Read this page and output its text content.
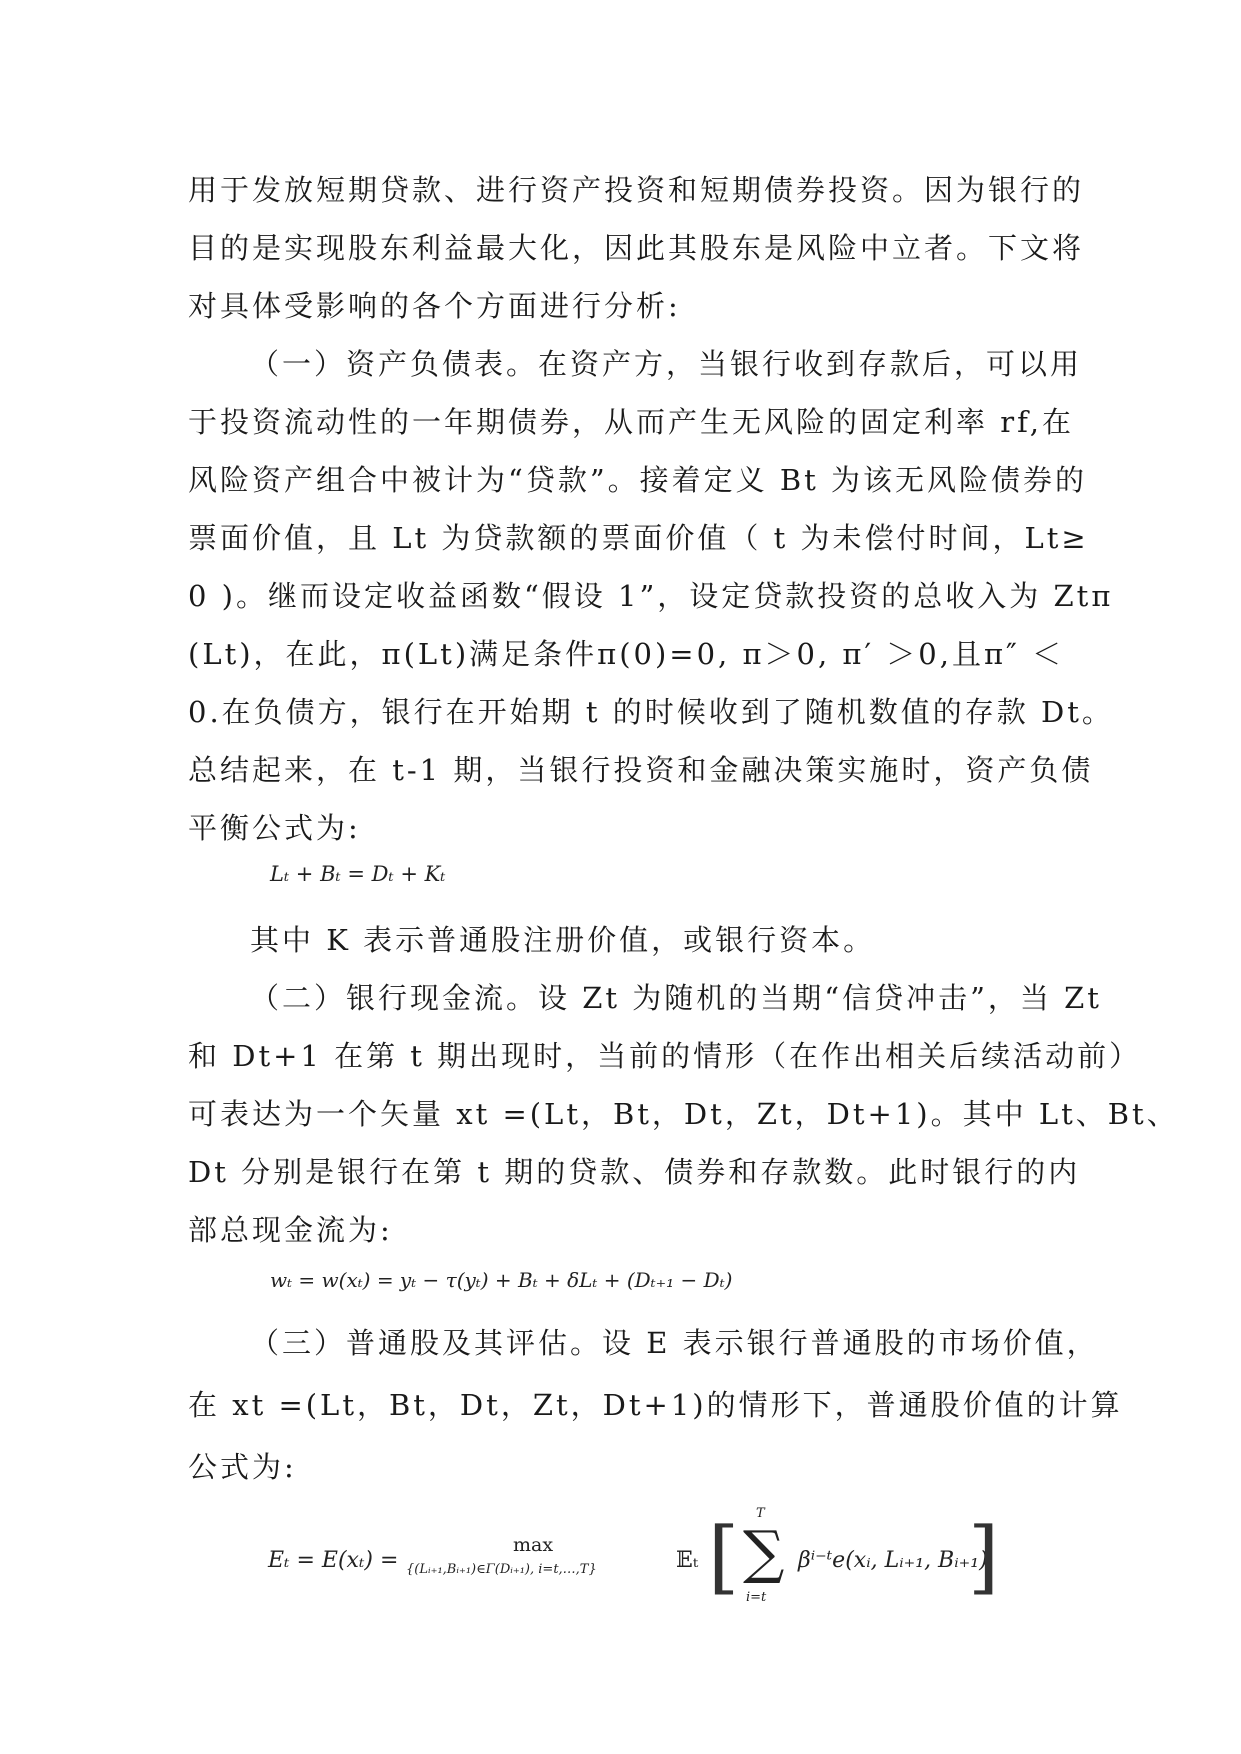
用于发放短期贷款、进行资产投资和短期债券投资。因为银行的
目的是实现股东利益最大化，因此其股东是风险中立者。下文将
对具体受影响的各个方面进行分析:
（一）资产负债表。在资产方，当银行收到存款后，可以用
于投资流动性的一年期债券，从而产生无风险的固定利率 rf,在
风险资产组合中被计为“贷款”。接着定义 Bt 为该无风险债券的
票面价值，且 Lt 为贷款额的票面价值（ t 为未偿付时间，Lt≥
0 )。继而设定收益函数“假设 1”，设定贷款投资的总收入为 Ztπ
(Lt)，在此，π(Lt)满足条件π(0)=0, π＞0, π′ ＞0,且π″ ＜
0.在负债方，银行在开始期 t 的时候收到了随机数值的存款 Dt。
总结起来，在 t-1 期，当银行投资和金融决策实施时，资产负债
平衡公式为:
Lₜ + Bₜ = Dₜ + Kₜ
其中 K 表示普通股注册价值，或银行资本。
（二）银行现金流。设 Zt 为随机的当期“信贷冲击”，当 Zt
和 Dt+1 在第 t 期出现时，当前的情形（在作出相关后续活动前）
可表达为一个矢量 xt =(Lt，Bt，Dt，Zt，Dt+1)。其中 Lt、Bt、
Dt 分别是银行在第 t 期的贷款、债券和存款数。此时银行的内
部总现金流为:
wₜ = w(xₜ) = yₜ − τ(yₜ) + Bₜ + δLₜ + (Dₜ₊₁ − Dₜ)
（三）普通股及其评估。设 E 表示银行普通股的市场价值，
在 xt =(Lt，Bt，Dt，Zt，Dt+1)的情形下，普通股价值的计算
公式为:
Eₜ = E(xₜ) =
max
{(Lᵢ₊₁,Bᵢ₊₁)∈Γ(Dᵢ₊₁), i=t,…,T}	𝔼ₜ [ T
∑
i=t
βⁱ⁻ᵗe(xᵢ, Lᵢ₊₁, Bᵢ₊₁)
]
